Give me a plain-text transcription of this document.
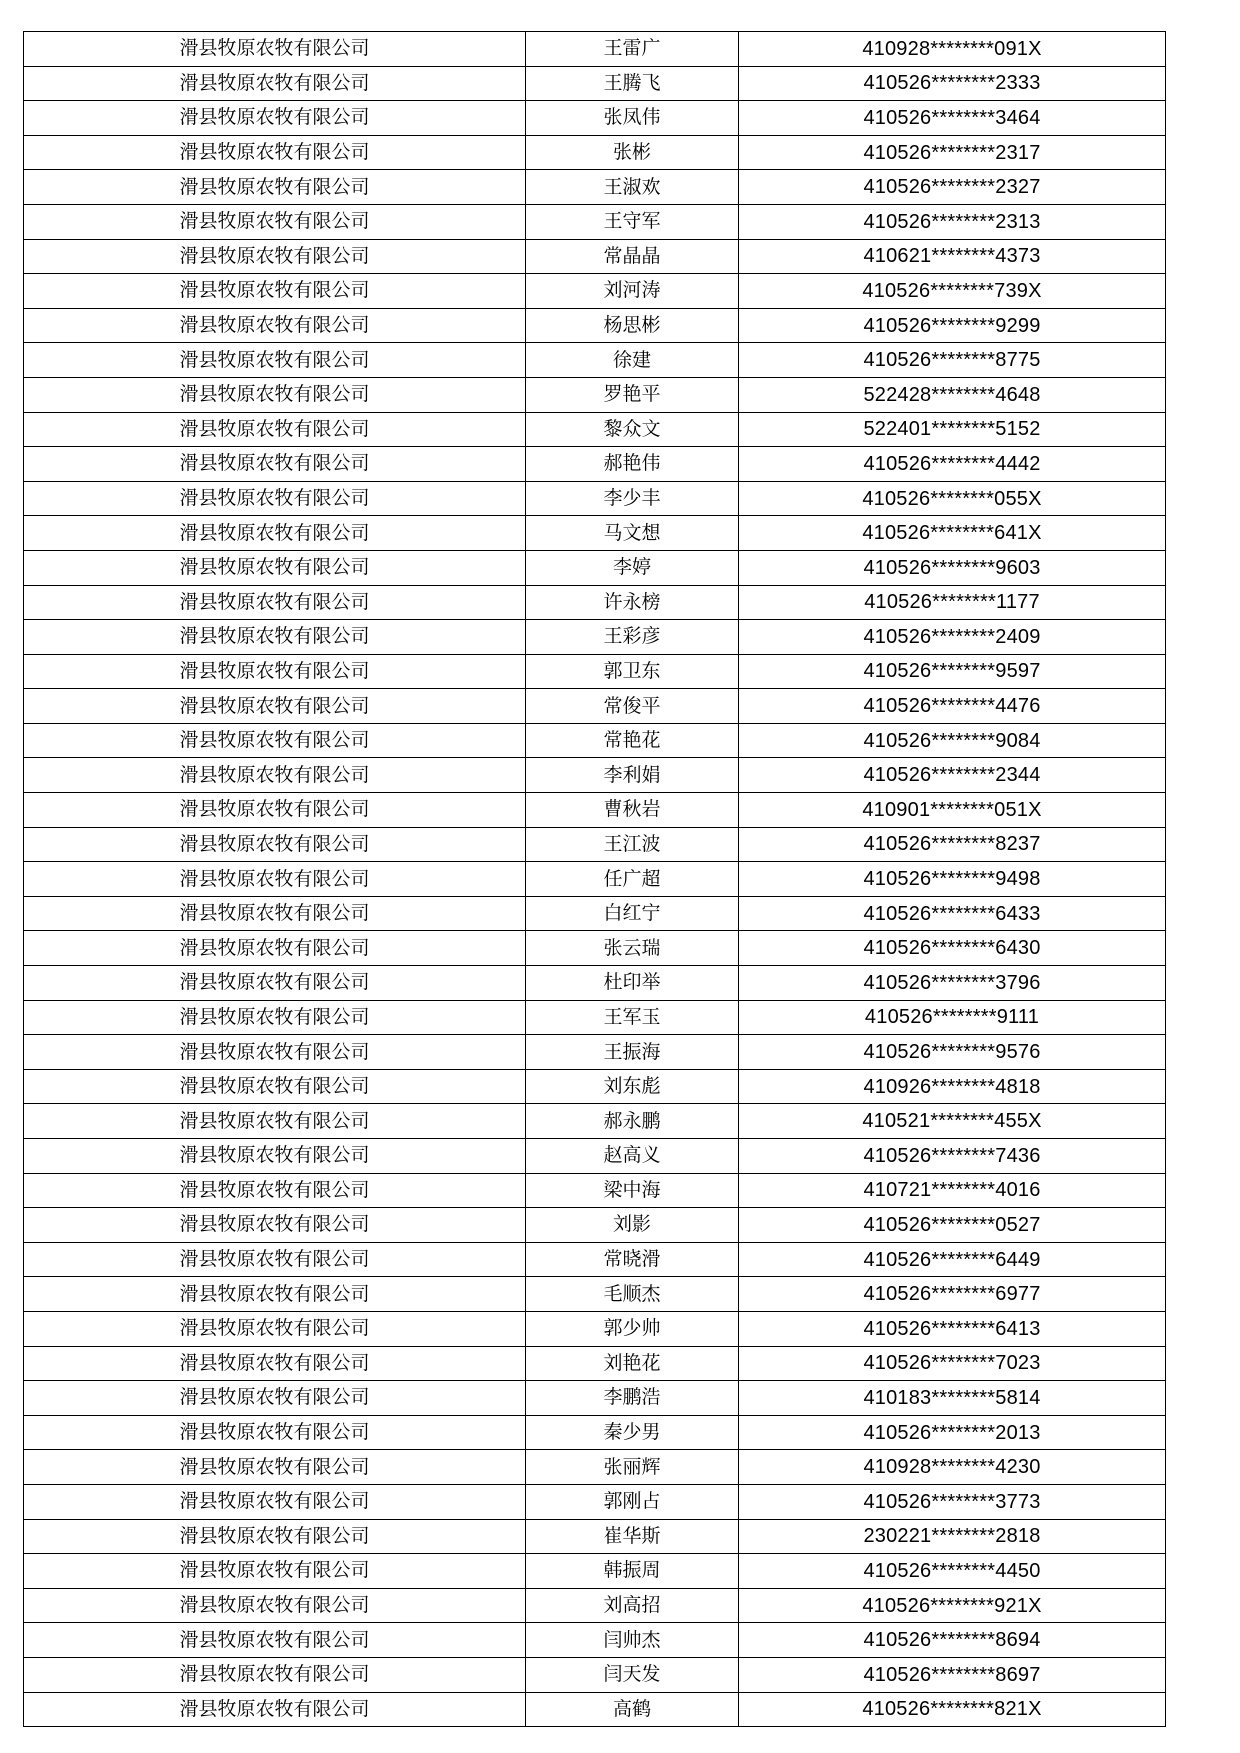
滑县牧原农牧有限公司	王雷广	410928********091X
滑县牧原农牧有限公司	王腾飞	410526********2333
滑县牧原农牧有限公司	张凤伟	410526********3464
滑县牧原农牧有限公司	张彬	410526********2317
滑县牧原农牧有限公司	王淑欢	410526********2327
滑县牧原农牧有限公司	王守军	410526********2313
滑县牧原农牧有限公司	常晶晶	410621********4373
滑县牧原农牧有限公司	刘河涛	410526********739X
滑县牧原农牧有限公司	杨思彬	410526********9299
滑县牧原农牧有限公司	徐建	410526********8775
滑县牧原农牧有限公司	罗艳平	522428********4648
滑县牧原农牧有限公司	黎众文	522401********5152
滑县牧原农牧有限公司	郝艳伟	410526********4442
滑县牧原农牧有限公司	李少丰	410526********055X
滑县牧原农牧有限公司	马文想	410526********641X
滑县牧原农牧有限公司	李婷	410526********9603
滑县牧原农牧有限公司	许永榜	410526********1177
滑县牧原农牧有限公司	王彩彦	410526********2409
滑县牧原农牧有限公司	郭卫东	410526********9597
滑县牧原农牧有限公司	常俊平	410526********4476
滑县牧原农牧有限公司	常艳花	410526********9084
滑县牧原农牧有限公司	李利娟	410526********2344
滑县牧原农牧有限公司	曹秋岩	410901********051X
滑县牧原农牧有限公司	王江波	410526********8237
滑县牧原农牧有限公司	任广超	410526********9498
滑县牧原农牧有限公司	白红宁	410526********6433
滑县牧原农牧有限公司	张云瑞	410526********6430
滑县牧原农牧有限公司	杜印举	410526********3796
滑县牧原农牧有限公司	王军玉	410526********9111
滑县牧原农牧有限公司	王振海	410526********9576
滑县牧原农牧有限公司	刘东彪	410926********4818
滑县牧原农牧有限公司	郝永鹏	410521********455X
滑县牧原农牧有限公司	赵高义	410526********7436
滑县牧原农牧有限公司	梁中海	410721********4016
滑县牧原农牧有限公司	刘影	410526********0527
滑县牧原农牧有限公司	常晓滑	410526********6449
滑县牧原农牧有限公司	毛顺杰	410526********6977
滑县牧原农牧有限公司	郭少帅	410526********6413
滑县牧原农牧有限公司	刘艳花	410526********7023
滑县牧原农牧有限公司	李鹏浩	410183********5814
滑县牧原农牧有限公司	秦少男	410526********2013
滑县牧原农牧有限公司	张丽辉	410928********4230
滑县牧原农牧有限公司	郭刚占	410526********3773
滑县牧原农牧有限公司	崔华斯	230221********2818
滑县牧原农牧有限公司	韩振周	410526********4450
滑县牧原农牧有限公司	刘高招	410526********921X
滑县牧原农牧有限公司	闫帅杰	410526********8694
滑县牧原农牧有限公司	闫天发	410526********8697
滑县牧原农牧有限公司	高鹤	410526********821X
